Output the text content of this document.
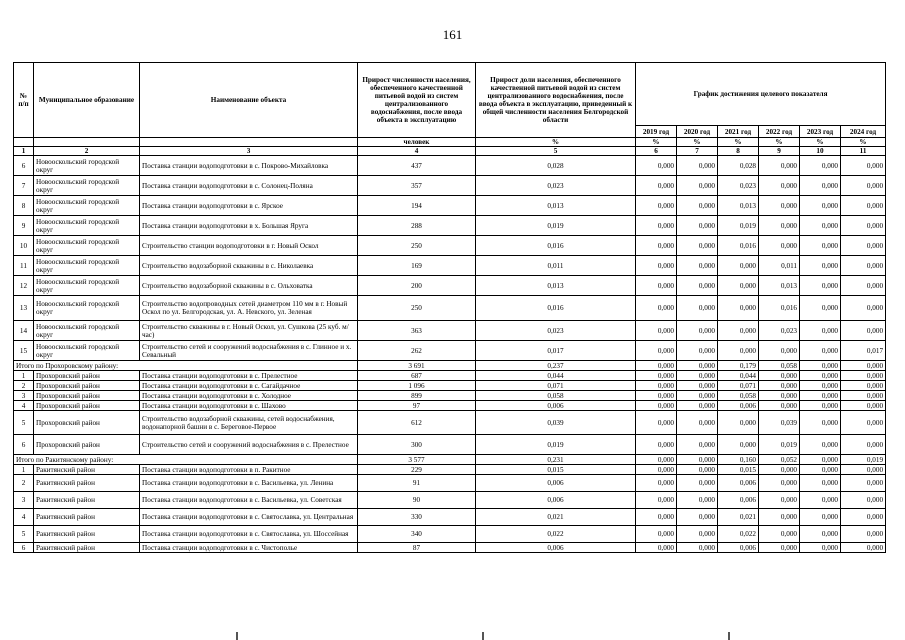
161
№ п/п	Муниципальное образование	Наименование объекта	Прирост численности населения, обеспеченного качественной питьевой водой из систем централизованного водоснабжения, после ввода объекта в эксплуатацию	Прирост доли населения, обеспеченного качественной питьевой водой из систем централизованного водоснабжения, после ввода объекта в эксплуатацию, приведенный к общей численности населения Белгородской области	График достижения целевого показателя					
					2019 год	2020 год	2021 год	2022 год	2023 год	2024 год
			человек	%	%	%	%	%	%	%
1	2	3	4	5	6	7	8	9	10	11
6	Новооскольский городской округ	Поставка станции водоподготовки в с. Покрово-Михайловка	437	0,028	0,000	0,000	0,028	0,000	0,000	0,000
7	Новооскольский городской округ	Поставка станции водоподготовки в с. Солонец-Поляна	357	0,023	0,000	0,000	0,023	0,000	0,000	0,000
8	Новооскольский городской округ	Поставка станции водоподготовки в с. Ярское	194	0,013	0,000	0,000	0,013	0,000	0,000	0,000
9	Новооскольский городской округ	Поставка станции водоподготовки в х. Большая Яруга	288	0,019	0,000	0,000	0,019	0,000	0,000	0,000
10	Новооскольский городской округ	Строительство станции водоподготовки в г. Новый Оскол	250	0,016	0,000	0,000	0,016	0,000	0,000	0,000
11	Новооскольский городской округ	Строительство водозаборной скважины в с. Николаевка	169	0,011	0,000	0,000	0,000	0,011	0,000	0,000
12	Новооскольский городской округ	Строительство водозаборной скважины в с. Ольховатка	200	0,013	0,000	0,000	0,000	0,013	0,000	0,000
13	Новооскольский городской округ	Строительство водопроводных сетей диаметром 110 мм в г. Новый Оскол по ул. Белгородская, ул. А. Невского, ул. Зеленая	250	0,016	0,000	0,000	0,000	0,016	0,000	0,000
14	Новооскольский городской округ	Строительство скважины в г. Новый Оскол, ул. Сушкова (25 куб. м/час)	363	0,023	0,000	0,000	0,000	0,023	0,000	0,000
15	Новооскольский городской округ	Строительство сетей и сооружений водоснабжения в с. Глинное и х. Севальный	262	0,017	0,000	0,000	0,000	0,000	0,000	0,017
Итого по Прохоровскому району:			3 691	0,237	0,000	0,000	0,179	0,058	0,000	0,000
1	Прохоровский район	Поставка станции водоподготовки в с. Прелестное	687	0,044	0,000	0,000	0,044	0,000	0,000	0,000
2	Прохоровский район	Поставка станции водоподготовки в с. Сагайдачное	1 096	0,071	0,000	0,000	0,071	0,000	0,000	0,000
3	Прохоровский район	Поставка станции водоподготовки в с. Холодное	899	0,058	0,000	0,000	0,058	0,000	0,000	0,000
4	Прохоровский район	Поставка станции водоподготовки в с. Шахово	97	0,006	0,000	0,000	0,006	0,000	0,000	0,000
5	Прохоровский район	Строительство водозаборной скважины, сетей водоснабжения, водонапорной башни в с. Береговое-Первое	612	0,039	0,000	0,000	0,000	0,039	0,000	0,000
6	Прохоровский район	Строительство сетей и сооружений водоснабжения в с. Прелестное	300	0,019	0,000	0,000	0,000	0,019	0,000	0,000
Итого по Ракитянскому району:			3 577	0,231	0,000	0,000	0,160	0,052	0,000	0,019
1	Ракитянский район	Поставка станции водоподготовки в п. Ракитное	229	0,015	0,000	0,000	0,015	0,000	0,000	0,000
2	Ракитянский район	Поставка станции водоподготовки в с. Васильевка, ул. Ленина	91	0,006	0,000	0,000	0,006	0,000	0,000	0,000
3	Ракитянский район	Поставка станции водоподготовки в с. Васильевка, ул. Советская	90	0,006	0,000	0,000	0,006	0,000	0,000	0,000
4	Ракитянский район	Поставка станции водоподготовки в с. Святославка, ул. Центральная	330	0,021	0,000	0,000	0,021	0,000	0,000	0,000
5	Ракитянский район	Поставка станции водоподготовки в с. Святославка, ул. Шоссейная	340	0,022	0,000	0,000	0,022	0,000	0,000	0,000
6	Ракитянский район	Поставка станции водоподготовки в с. Чистополье	87	0,006	0,000	0,000	0,006	0,000	0,000	0,000
